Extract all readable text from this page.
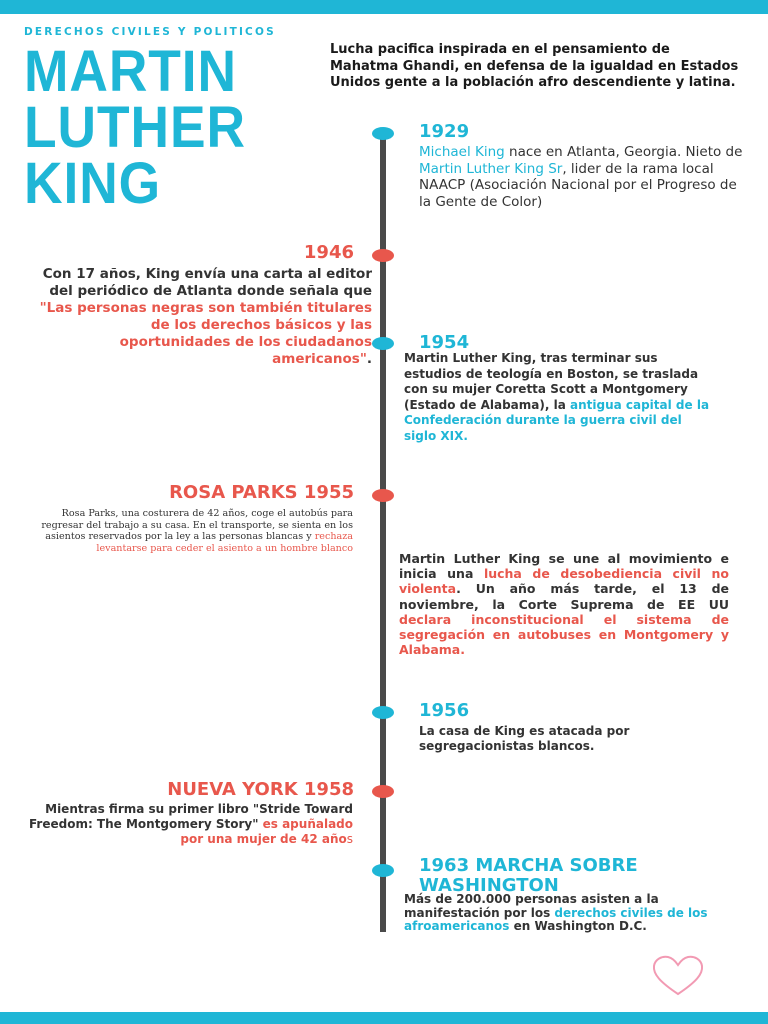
DERECHOS CIVILES Y POLITICOS
MARTIN
LUTHER
KING
Lucha pacifica inspirada en el pensamiento de Mahatma Ghandi, en defensa de la igualdad en Estados Unidos gente a la población afro descendiente y latina.
1929
Michael King nace en Atlanta, Georgia. Nieto de Martin Luther King Sr, lider de la rama local NAACP (Asociación Nacional por el Progreso de la Gente de Color)
1946
Con 17 años, King envía una carta al editor del periódico de Atlanta donde señala que "Las personas negras son también titulares de los derechos básicos y las oportunidades de los ciudadanos americanos".
1954
Martin Luther King, tras terminar sus estudios de teología en Boston, se traslada con su mujer Coretta Scott a Montgomery (Estado de Alabama), la antigua capital de la Confederación durante la guerra civil del siglo XIX.
ROSA PARKS 1955
Rosa Parks, una costurera de 42 años, coge el autobús para regresar del trabajo a su casa. En el transporte, se sienta en los asientos reservados por la ley a las personas blancas y rechaza levantarse para ceder el asiento a un hombre blanco
Martin Luther King se une al movimiento e inicia una lucha de desobediencia civil no violenta. Un año más tarde, el 13 de noviembre, la Corte Suprema de EE UU declara inconstitucional el sistema de segregación en autobuses en Montgomery y Alabama.
1956
La casa de King es atacada por segregacionistas blancos.
NUEVA YORK 1958
Mientras firma su primer libro "Stride Toward Freedom: The Montgomery Story" es apuñalado por una mujer de 42 años
1963 MARCHA SOBRE WASHINGTON
Más de 200.000 personas asisten a la manifestación por los derechos civiles de los afroamericanos en Washington D.C.
